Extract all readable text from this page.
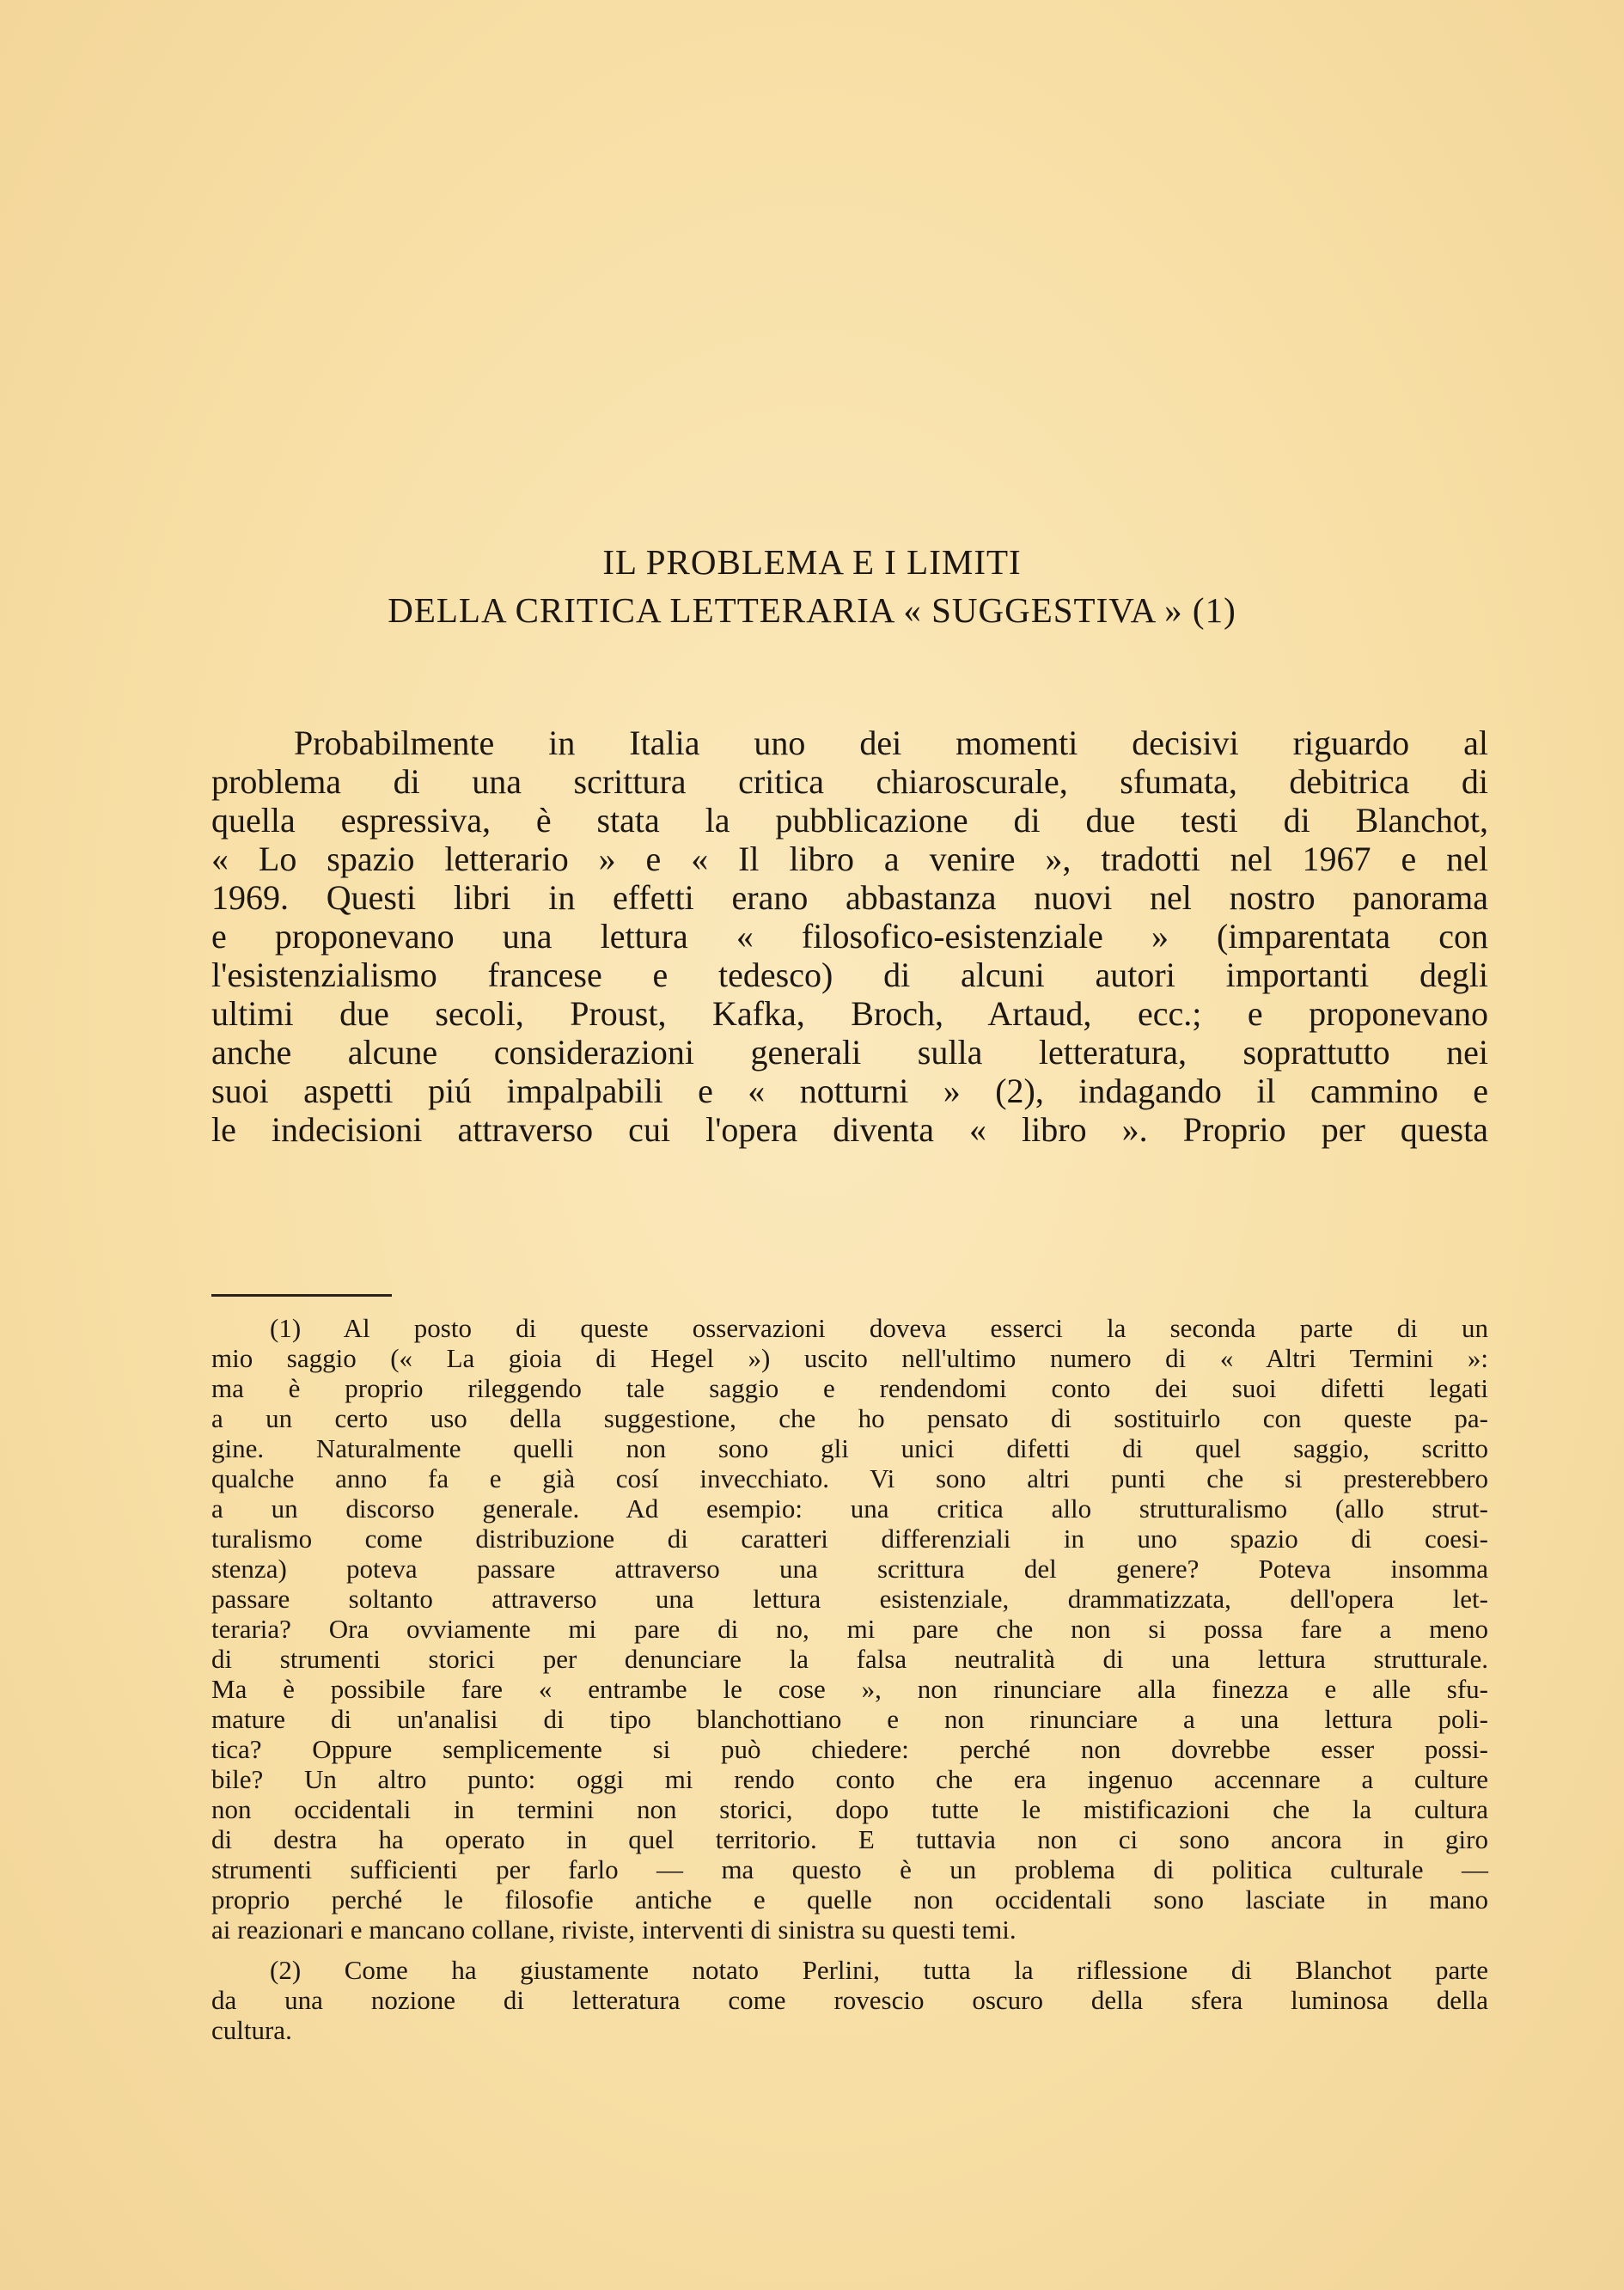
IL PROBLEMA E I LIMITI
DELLA CRITICA LETTERARIA « SUGGESTIVA » (1)
Probabilmente in Italia uno dei momenti decisivi riguardo al
problema di una scrittura critica chiaroscurale, sfumata, debitrica di
quella espressiva, è stata la pubblicazione di due testi di Blanchot,
« Lo spazio letterario » e « Il libro a venire », tradotti nel 1967 e nel
1969. Questi libri in effetti erano abbastanza nuovi nel nostro panorama
e proponevano una lettura « filosofico-esistenziale » (imparentata con
l'esistenzialismo francese e tedesco) di alcuni autori importanti degli
ultimi due secoli, Proust, Kafka, Broch, Artaud, ecc.; e proponevano
anche alcune considerazioni generali sulla letteratura, soprattutto nei
suoi aspetti piú impalpabili e « notturni » (2), indagando il cammino e
le indecisioni attraverso cui l'opera diventa « libro ». Proprio per questa
(1) Al posto di queste osservazioni doveva esserci la seconda parte di un
mio saggio (« La gioia di Hegel ») uscito nell'ultimo numero di « Altri Termini »:
ma è proprio rileggendo tale saggio e rendendomi conto dei suoi difetti legati
a un certo uso della suggestione, che ho pensato di sostituirlo con queste pa-
gine. Naturalmente quelli non sono gli unici difetti di quel saggio, scritto
qualche anno fa e già cosí invecchiato. Vi sono altri punti che si presterebbero
a un discorso generale. Ad esempio: una critica allo strutturalismo (allo strut-
turalismo come distribuzione di caratteri differenziali in uno spazio di coesi-
stenza) poteva passare attraverso una scrittura del genere? Poteva insomma
passare soltanto attraverso una lettura esistenziale, drammatizzata, dell'opera let-
teraria? Ora ovviamente mi pare di no, mi pare che non si possa fare a meno
di strumenti storici per denunciare la falsa neutralità di una lettura strutturale.
Ma è possibile fare « entrambe le cose », non rinunciare alla finezza e alle sfu-
mature di un'analisi di tipo blanchottiano e non rinunciare a una lettura poli-
tica? Oppure semplicemente si può chiedere: perché non dovrebbe esser possi-
bile? Un altro punto: oggi mi rendo conto che era ingenuo accennare a culture
non occidentali in termini non storici, dopo tutte le mistificazioni che la cultura
di destra ha operato in quel territorio. E tuttavia non ci sono ancora in giro
strumenti sufficienti per farlo — ma questo è un problema di politica culturale —
proprio perché le filosofie antiche e quelle non occidentali sono lasciate in mano
ai reazionari e mancano collane, riviste, interventi di sinistra su questi temi.
(2) Come ha giustamente notato Perlini, tutta la riflessione di Blanchot parte
da una nozione di letteratura come rovescio oscuro della sfera luminosa della
cultura.
